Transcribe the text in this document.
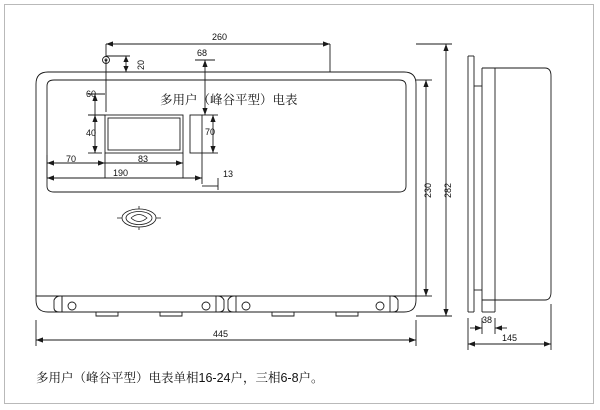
260
20
68
60
40
70	83
190
70
13
230 282
445
38
145
多用户（峰谷平型）电表
多用户（峰谷平型）电表单相16-24户，三相6-8户。
